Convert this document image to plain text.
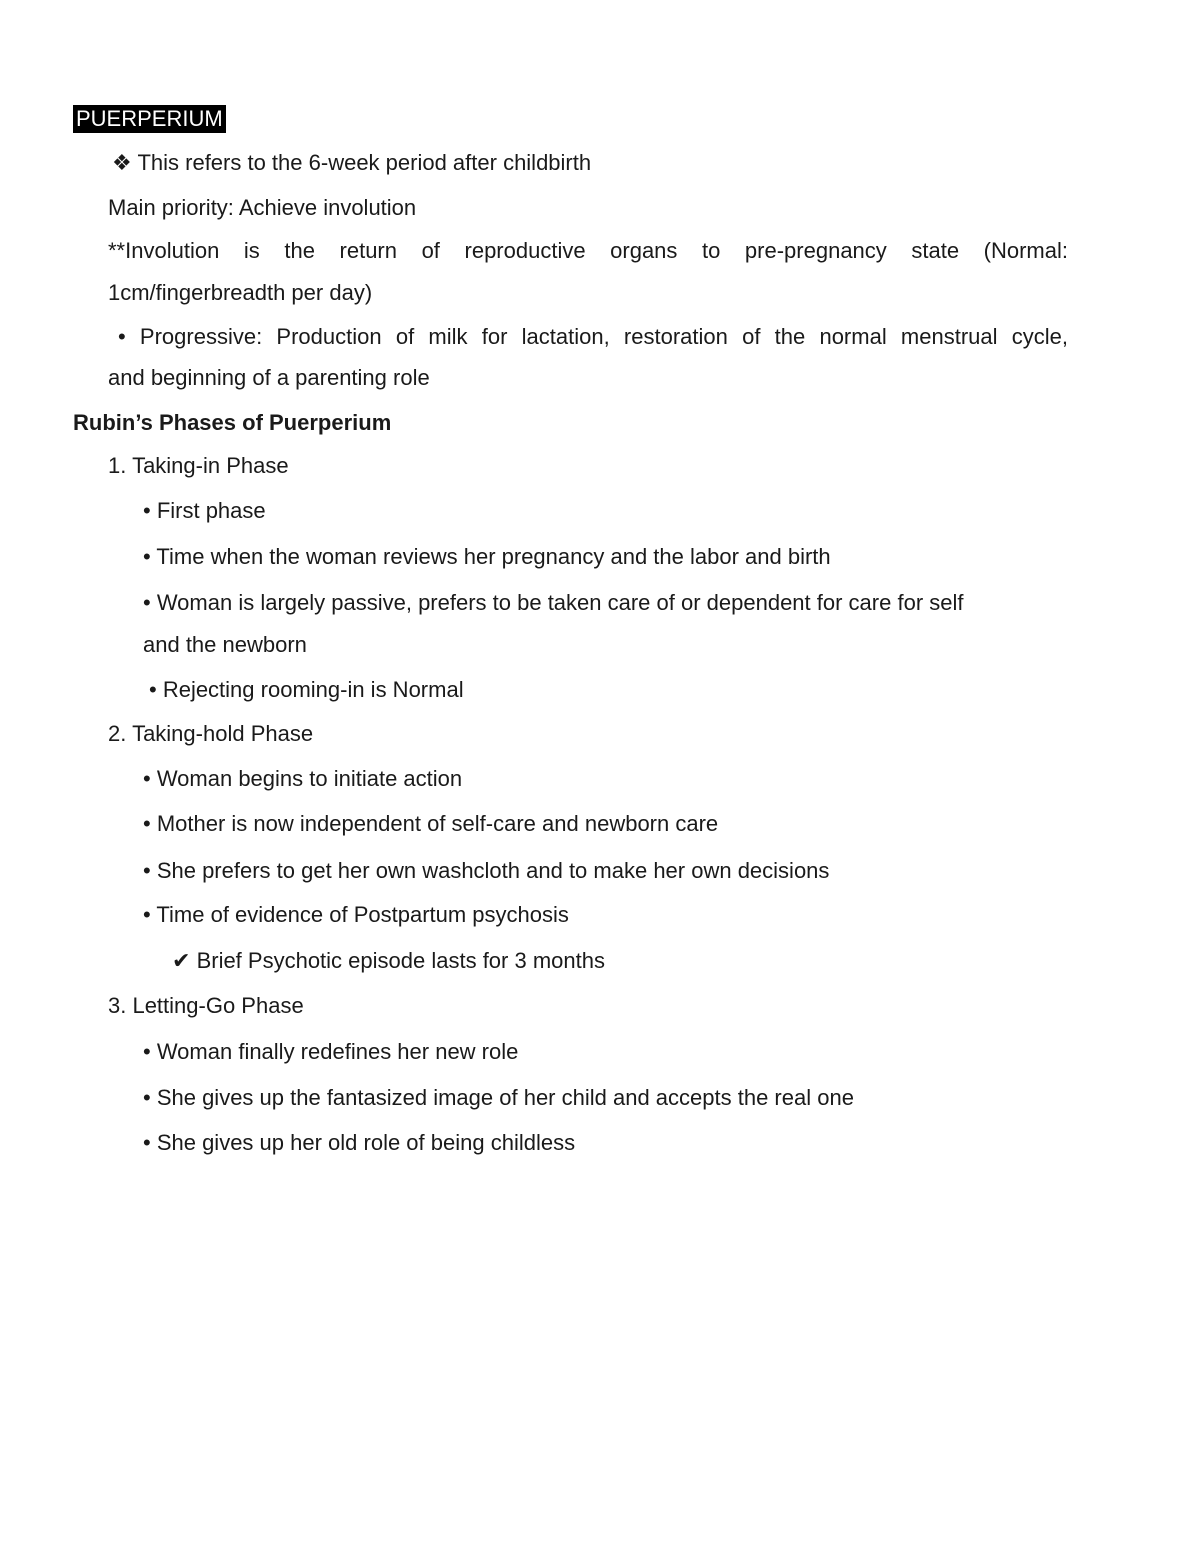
PUERPERIUM
❖ This refers to the 6-week period after childbirth
Main priority: Achieve involution
**Involution is the return of reproductive organs to pre-pregnancy state (Normal:
1cm/fingerbreadth per day)
• Progressive: Production of milk for lactation, restoration of the normal menstrual cycle,
and beginning of a parenting role
Rubin’s Phases of Puerperium
1. Taking-in Phase
• First phase
• Time when the woman reviews her pregnancy and the labor and birth
• Woman is largely passive, prefers to be taken care of or dependent for care for self
and the newborn
• Rejecting rooming-in is Normal
2. Taking-hold Phase
• Woman begins to initiate action
• Mother is now independent of self-care and newborn care
• She prefers to get her own washcloth and to make her own decisions
• Time of evidence of Postpartum psychosis
✔ Brief Psychotic episode lasts for 3 months
3. Letting-Go Phase
• Woman finally redefines her new role
• She gives up the fantasized image of her child and accepts the real one
• She gives up her old role of being childless
